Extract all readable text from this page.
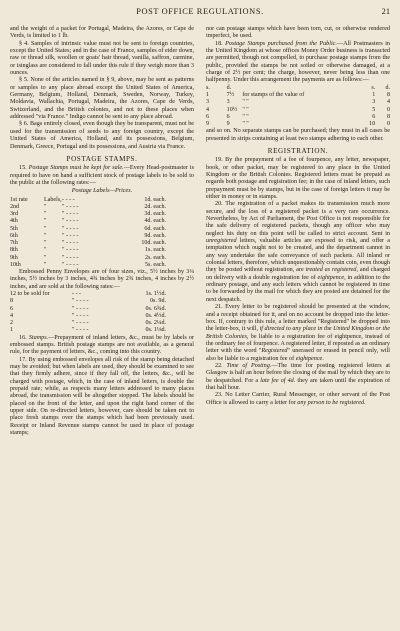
POST OFFICE REGULATIONS.	21

and the weight of a packet for Portugal, Madeira, the Azores, or Cape de Verds, is limited to 1 lb.

§ 4. Samples of intrinsic value must not be sent to foreign countries, except the United States; and in the case of France, samples of eider down, raw or thread silk, woollen or goats' hair thread, vanilla, saffron, carmine, or isinglass are considered to fall under this rule if they weigh more than 3 ounces.

§ 5. None of the articles named in § 9, above, may be sent as patterns or samples to any place abroad except the United States of America, Germany, Belgium, Holland, Denmark, Sweden, Norway, Turkey, Moldavia, Wallachia, Portugal, Madeira, the Azores, Cape de Verds, Switzerland, and the British colonies, and not to these places when addressed "via France." Indigo cannot be sent to any place abroad.

§ 6. Bags entirely closed, even though they be transparent, must not be used for the transmission of seeds to any foreign country, except the United States of America, Holland, and its possessions, Belgium, Denmark, Greece, Portugal and its possessions, and Austria via France.

POSTAGE STAMPS.

15. Postage Stamps must be kept for sale.—Every Head-postmaster is required to have on hand a sufficient stock of postage labels to be sold to the public at the following rates:—

Postage Labels—Prices.
1st rate	Labels,	- - - -	1d. each.
2nd	"	" - - - -	2d. each.
3rd	"	" - - - -	3d. each.
4th	"	" - - - -	4d. each.
5th	"	" - - - -	6d. each.
6th	"	" - - - -	9d. each.
7th	"	" - - - -	10d. each.
8th	"	" - - - -	1s. each.
9th	"	" - - - -	2s. each.
10th	"	" - - - -	5s. each.

Embossed Penny Envelopes are of four sizes, viz., 5½ inches by 3¼ inches, 5½ inches by 3 inches, 4¾ inches by 2¾ inches, 4 inches by 2½ inches, and are sold at the following rates:—

12 to be sold for	- - -	1s. 1½d.
8	" - - - -	0s. 9d.
6	" - - - -	0s. 6¾d.
4	" - - - -	0s. 4½d.
2	" - - - -	0s. 2¼d.
1	" - - - -	0s. 1⅛d.

16. Stamps.—Prepayment of inland letters, &c., must be by labels or embossed stamps. British postage stamps are not available, as a general rule, for the payment of letters, &c., coming into this country.

17. By using embossed envelopes all risk of the stamp being detached may be avoided; but when labels are used, they should be examined to see that they firmly adhere, since if they fall off, the letters, &c., will be charged with postage, which, in the case of inland letters, is double the prepaid rate; while, as respects many letters addressed to many places abroad, the transmission will be altogether stopped. The labels should be placed on the front of the letter, and upon the right hand corner of the upper side. On re-directed letters, however, care should be taken not to place fresh stamps over the stamps which had been previously used. Receipt or Inland Revenue stamps cannot be used in place of postage stamps;

nor can postage stamps which have been torn, cut, or otherwise rendered imperfect, be used.

18. Postage Stamps purchased from the Public.—All Postmasters in the United Kingdom at whose offices Money Order business is transacted are permitted, though not compelled, to purchase postage stamps from the public, provided the stamps be not soiled or otherwise damaged, at a charge of 2½ per cent; the charge, however, never being less than one halfpenny. Under this arrangement the payments are as follows:—

s.	d.		s.	d.
1	7½	for stamps of the value of	1	8
3	3	" "	3	4
4	10½	" "	5	0
6	6	" "	6	8
9	9	" "	10	0

and so on. No separate stamps can be purchased; they must in all cases be presented in strips containing at least two stamps adhering to each other.

REGISTRATION.

19. By the prepayment of a fee of fourpence, any letter, newspaper, book, or other packet, may be registered to any place in the United Kingdom or the British Colonies. Registered letters must be prepaid as regards both postage and registration fee; in the case of inland letters, such prepayment must be by stamps, but in the case of foreign letters it may be either in money or in stamps.

20. The registration of a packet makes its transmission much more secure, and the loss of a registered packet is a very rare occurrence. Nevertheless, by Act of Parliament, the Post Office is not responsible for the safe delivery of registered packets, though any officer who may neglect his duty on this point will be called to strict account. Sent in unregistered letters, valuable articles are exposed to risk, and offer a temptation which ought not to be created, and the department cannot in any way undertake the safe conveyance of such packets. All inland or colonial letters, therefore, which unquestionably contain coin, even though they be posted without registration, are treated as registered, and charged on delivery with a double registration fee of eightpence, in addition to the ordinary postage, and any such letters which cannot be registered in time to be forwarded by the mail for which they are posted are detained for the next despatch.

21. Every letter to be registered should be presented at the window, and a receipt obtained for it, and on no account be dropped into the letter-box. If, contrary to this rule, a letter marked "Registered" be dropped into the letter-box, it will, if directed to any place in the United Kingdom or the British Colonies, be liable to a registration fee of eightpence, instead of the ordinary fee of fourpence. A registered letter, if reposted as an ordinary letter with the word "Registered" unerased or erased in pencil only, will also be liable to a registration fee of eightpence.

22. Time of Posting.—The time for posting registered letters at Glasgow is half an hour before the closing of the mail by which they are to be despatched. For a late fee of 4d. they are taken until the expiration of that half hour.

23. No Letter Carrier, Rural Messenger, or other servant of the Post Office is allowed to carry a letter for any person to be registered.
